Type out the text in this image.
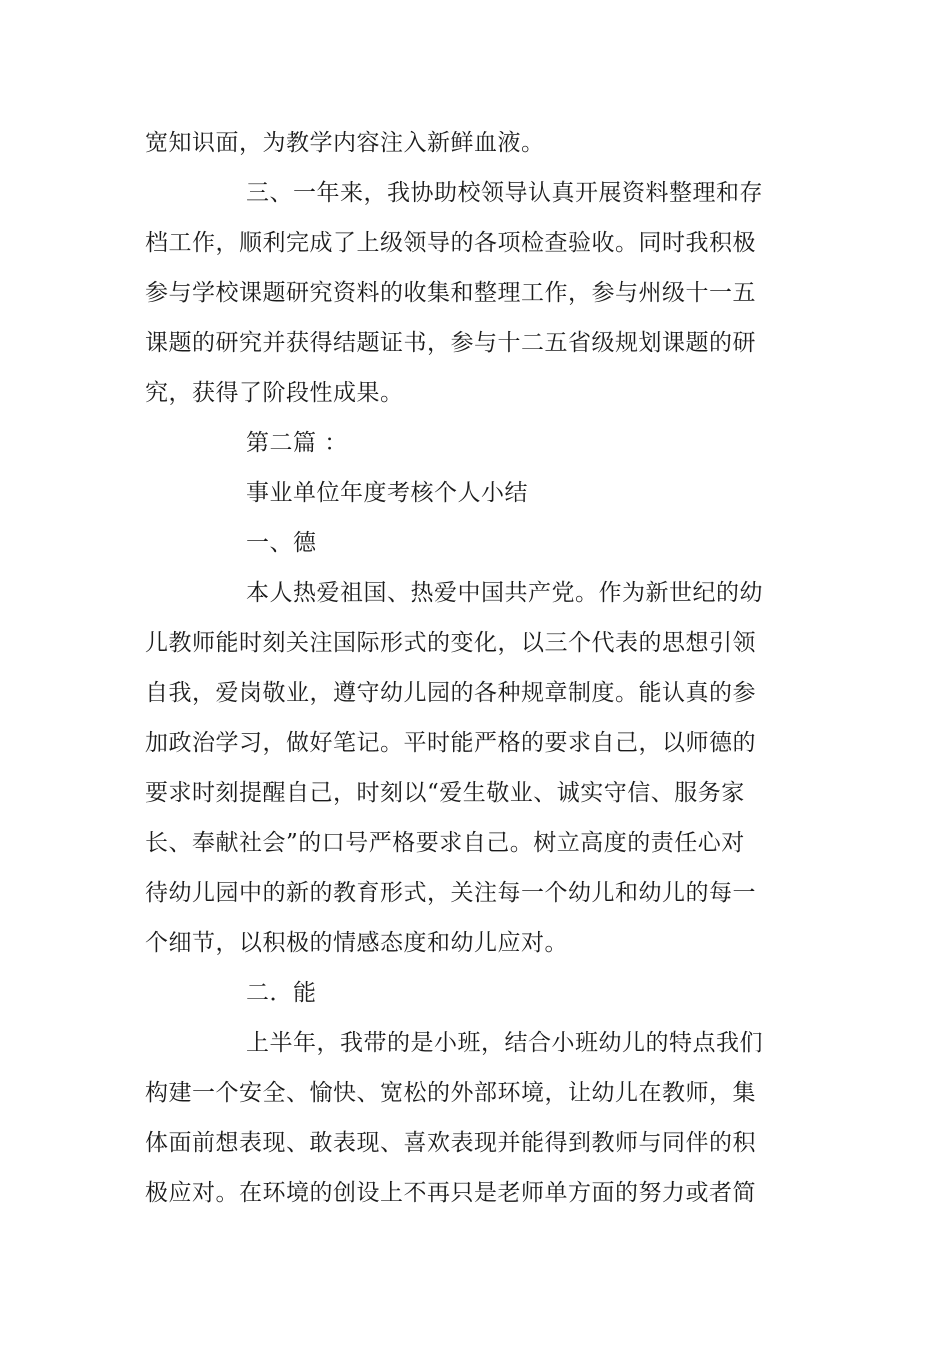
宽知识面，为教学内容注入新鲜血液。
三、一年来，我协助校领导认真开展资料整理和存
档工作，顺利完成了上级领导的各项检查验收。同时我积极
参与学校课题研究资料的收集和整理工作，参与州级十一五
课题的研究并获得结题证书，参与十二五省级规划课题的研
究，获得了阶段性成果。
第二篇 ：
事业单位年度考核个人小结
一、德
本人热爱祖国、热爱中国共产党。作为新世纪的幼
儿教师能时刻关注国际形式的变化，以三个代表的思想引领
自我，爱岗敬业，遵守幼儿园的各种规章制度。能认真的参
加政治学习，做好笔记。平时能严格的要求自己，以师德的
要求时刻提醒自己，时刻以“爱生敬业、诚实守信、服务家
长、奉献社会”的口号严格要求自己。树立高度的责任心对
待幼儿园中的新的教育形式，关注每一个幼儿和幼儿的每一
个细节，以积极的情感态度和幼儿应对。
二．能
上半年，我带的是小班，结合小班幼儿的特点我们
构建一个安全、愉快、宽松的外部环境，让幼儿在教师，集
体面前想表现、敢表现、喜欢表现并能得到教师与同伴的积
极应对。在环境的创设上不再只是老师单方面的努力或者简
